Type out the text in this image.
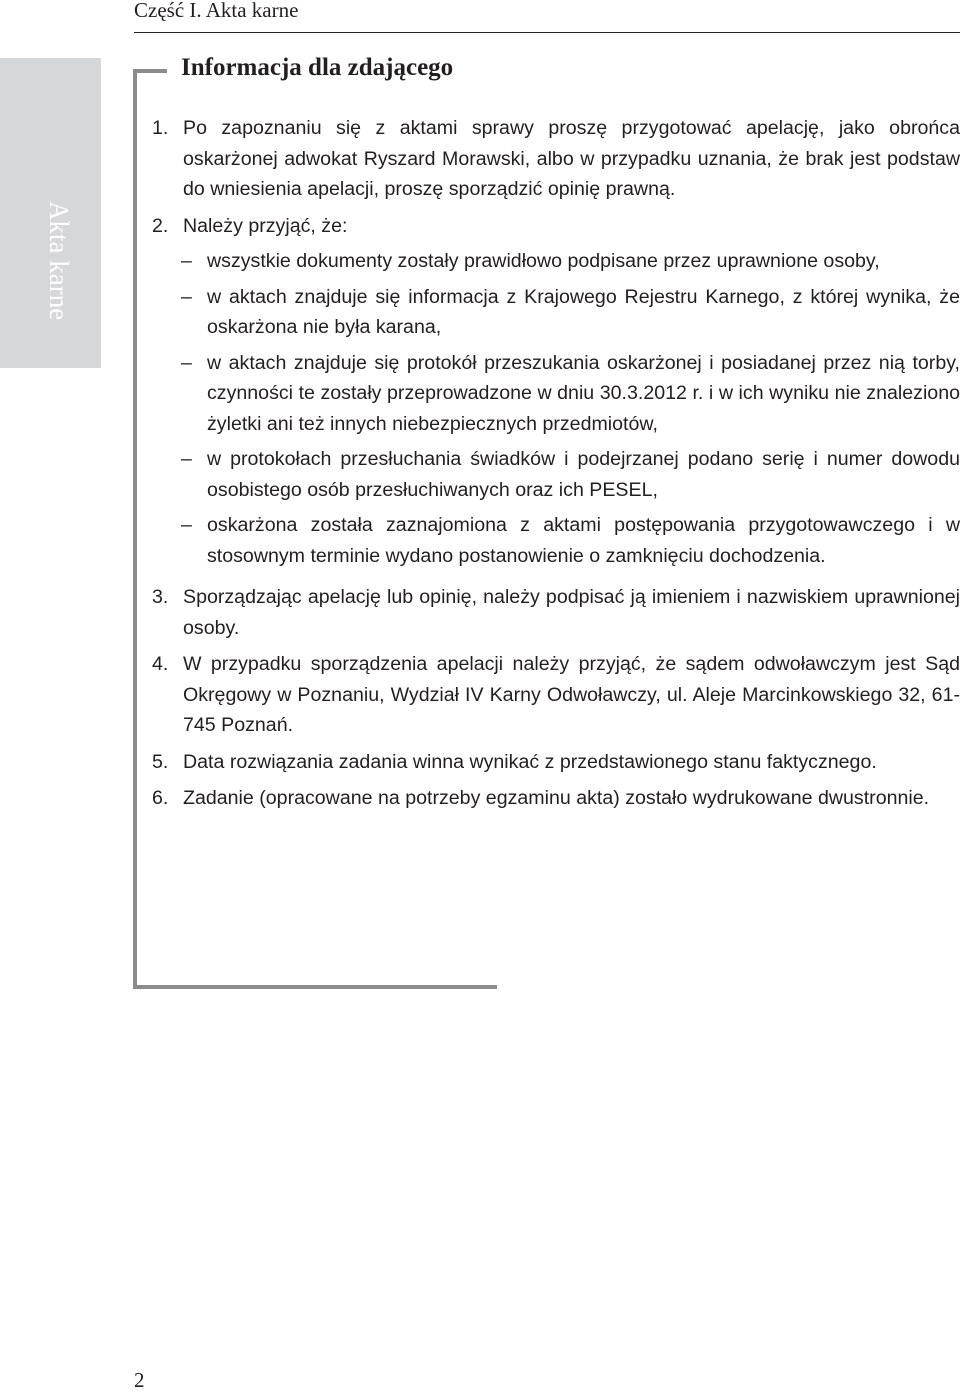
Część I. Akta karne
Akta karne
Informacja dla zdającego
1. Po zapoznaniu się z aktami sprawy proszę przygotować apelację, jako obrońca oskarżonej adwokat Ryszard Morawski, albo w przypadku uznania, że brak jest podstaw do wniesienia apelacji, proszę sporządzić opinię prawną.
2. Należy przyjąć, że:
– wszystkie dokumenty zostały prawidłowo podpisane przez uprawnione osoby,
– w aktach znajduje się informacja z Krajowego Rejestru Karnego, z której wynika, że oskarżona nie była karana,
– w aktach znajduje się protokół przeszukania oskarżonej i posiadanej przez nią torby, czynności te zostały przeprowadzone w dniu 30.3.2012 r. i w ich wyniku nie znaleziono żyletki ani też innych niebezpiecznych przedmiotów,
– w protokołach przesłuchania świadków i podejrzanej podano serię i numer dowodu osobistego osób przesłuchiwanych oraz ich PESEL,
– oskarżona została zaznajomiona z aktami postępowania przygotowawczego i w stosownym terminie wydano postanowienie o zamknięciu dochodzenia.
3. Sporządzając apelację lub opinię, należy podpisać ją imieniem i nazwiskiem uprawnionej osoby.
4. W przypadku sporządzenia apelacji należy przyjąć, że sądem odwoławczym jest Sąd Okręgowy w Poznaniu, Wydział IV Karny Odwoławczy, ul. Aleje Marcinkowskiego 32, 61-745 Poznań.
5. Data rozwiązania zadania winna wynikać z przedstawionego stanu faktycznego.
6. Zadanie (opracowane na potrzeby egzaminu akta) zostało wydrukowane dwustronnie.
2
